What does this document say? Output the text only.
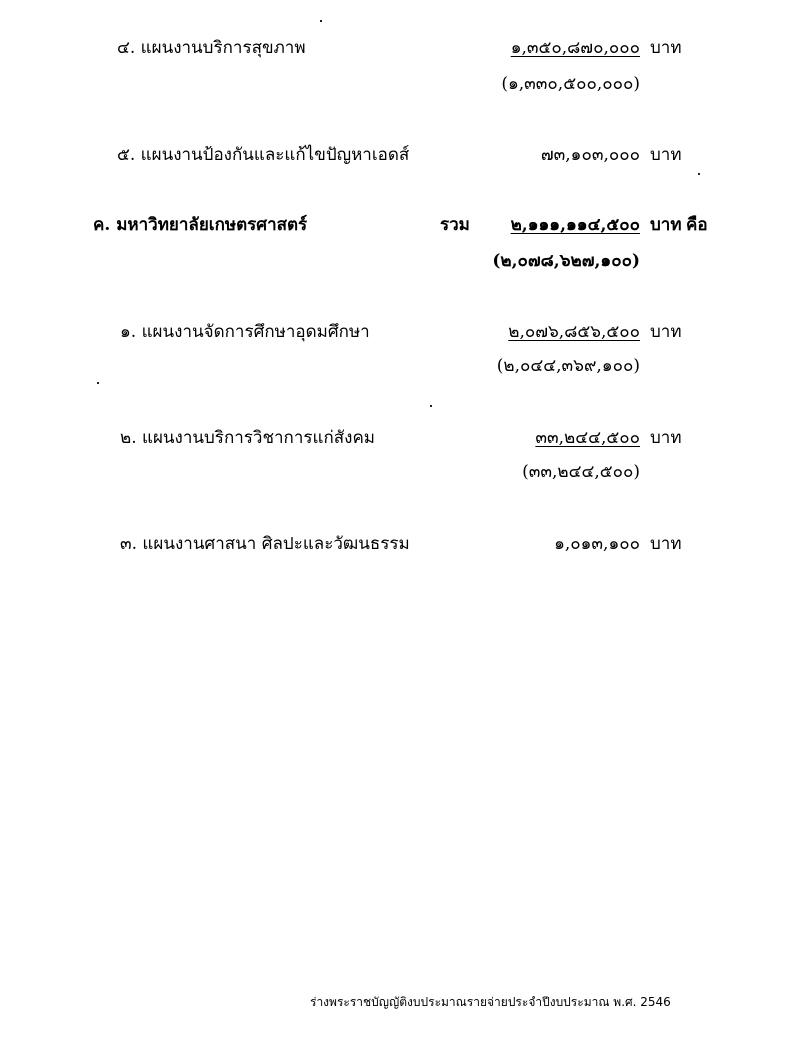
๔. แผนงานบริการสุขภาพ	๑,๓๕๐,๘๗๐,๐๐๐ บาท
(๑,๓๓๐,๕๐๐,๐๐๐)
๕. แผนงานป้องกันและแก้ไขปัญหาเอดส์	๗๓,๑๐๓,๐๐๐ บาท
ค. มหาวิทยาลัยเกษตรศาสตร์	รวม	๒,๑๑๑,๑๑๔,๕๐๐ บาท คือ
(๒,๐๗๘,๖๒๗,๑๐๐)
๑. แผนงานจัดการศึกษาอุดมศึกษา	๒,๐๗๖,๘๕๖,๕๐๐ บาท
(๒,๐๔๔,๓๖๙,๑๐๐)
๒. แผนงานบริการวิชาการแก่สังคม	๓๓,๒๔๔,๕๐๐ บาท
(๓๓,๒๔๔,๕๐๐)
๓. แผนงานศาสนา ศิลปะและวัฒนธรรม	๑,๐๑๓,๑๐๐ บาท
ร่างพระราชบัญญัติงบประมาณรายจ่ายประจำปีงบประมาณ พ.ศ. 2546
